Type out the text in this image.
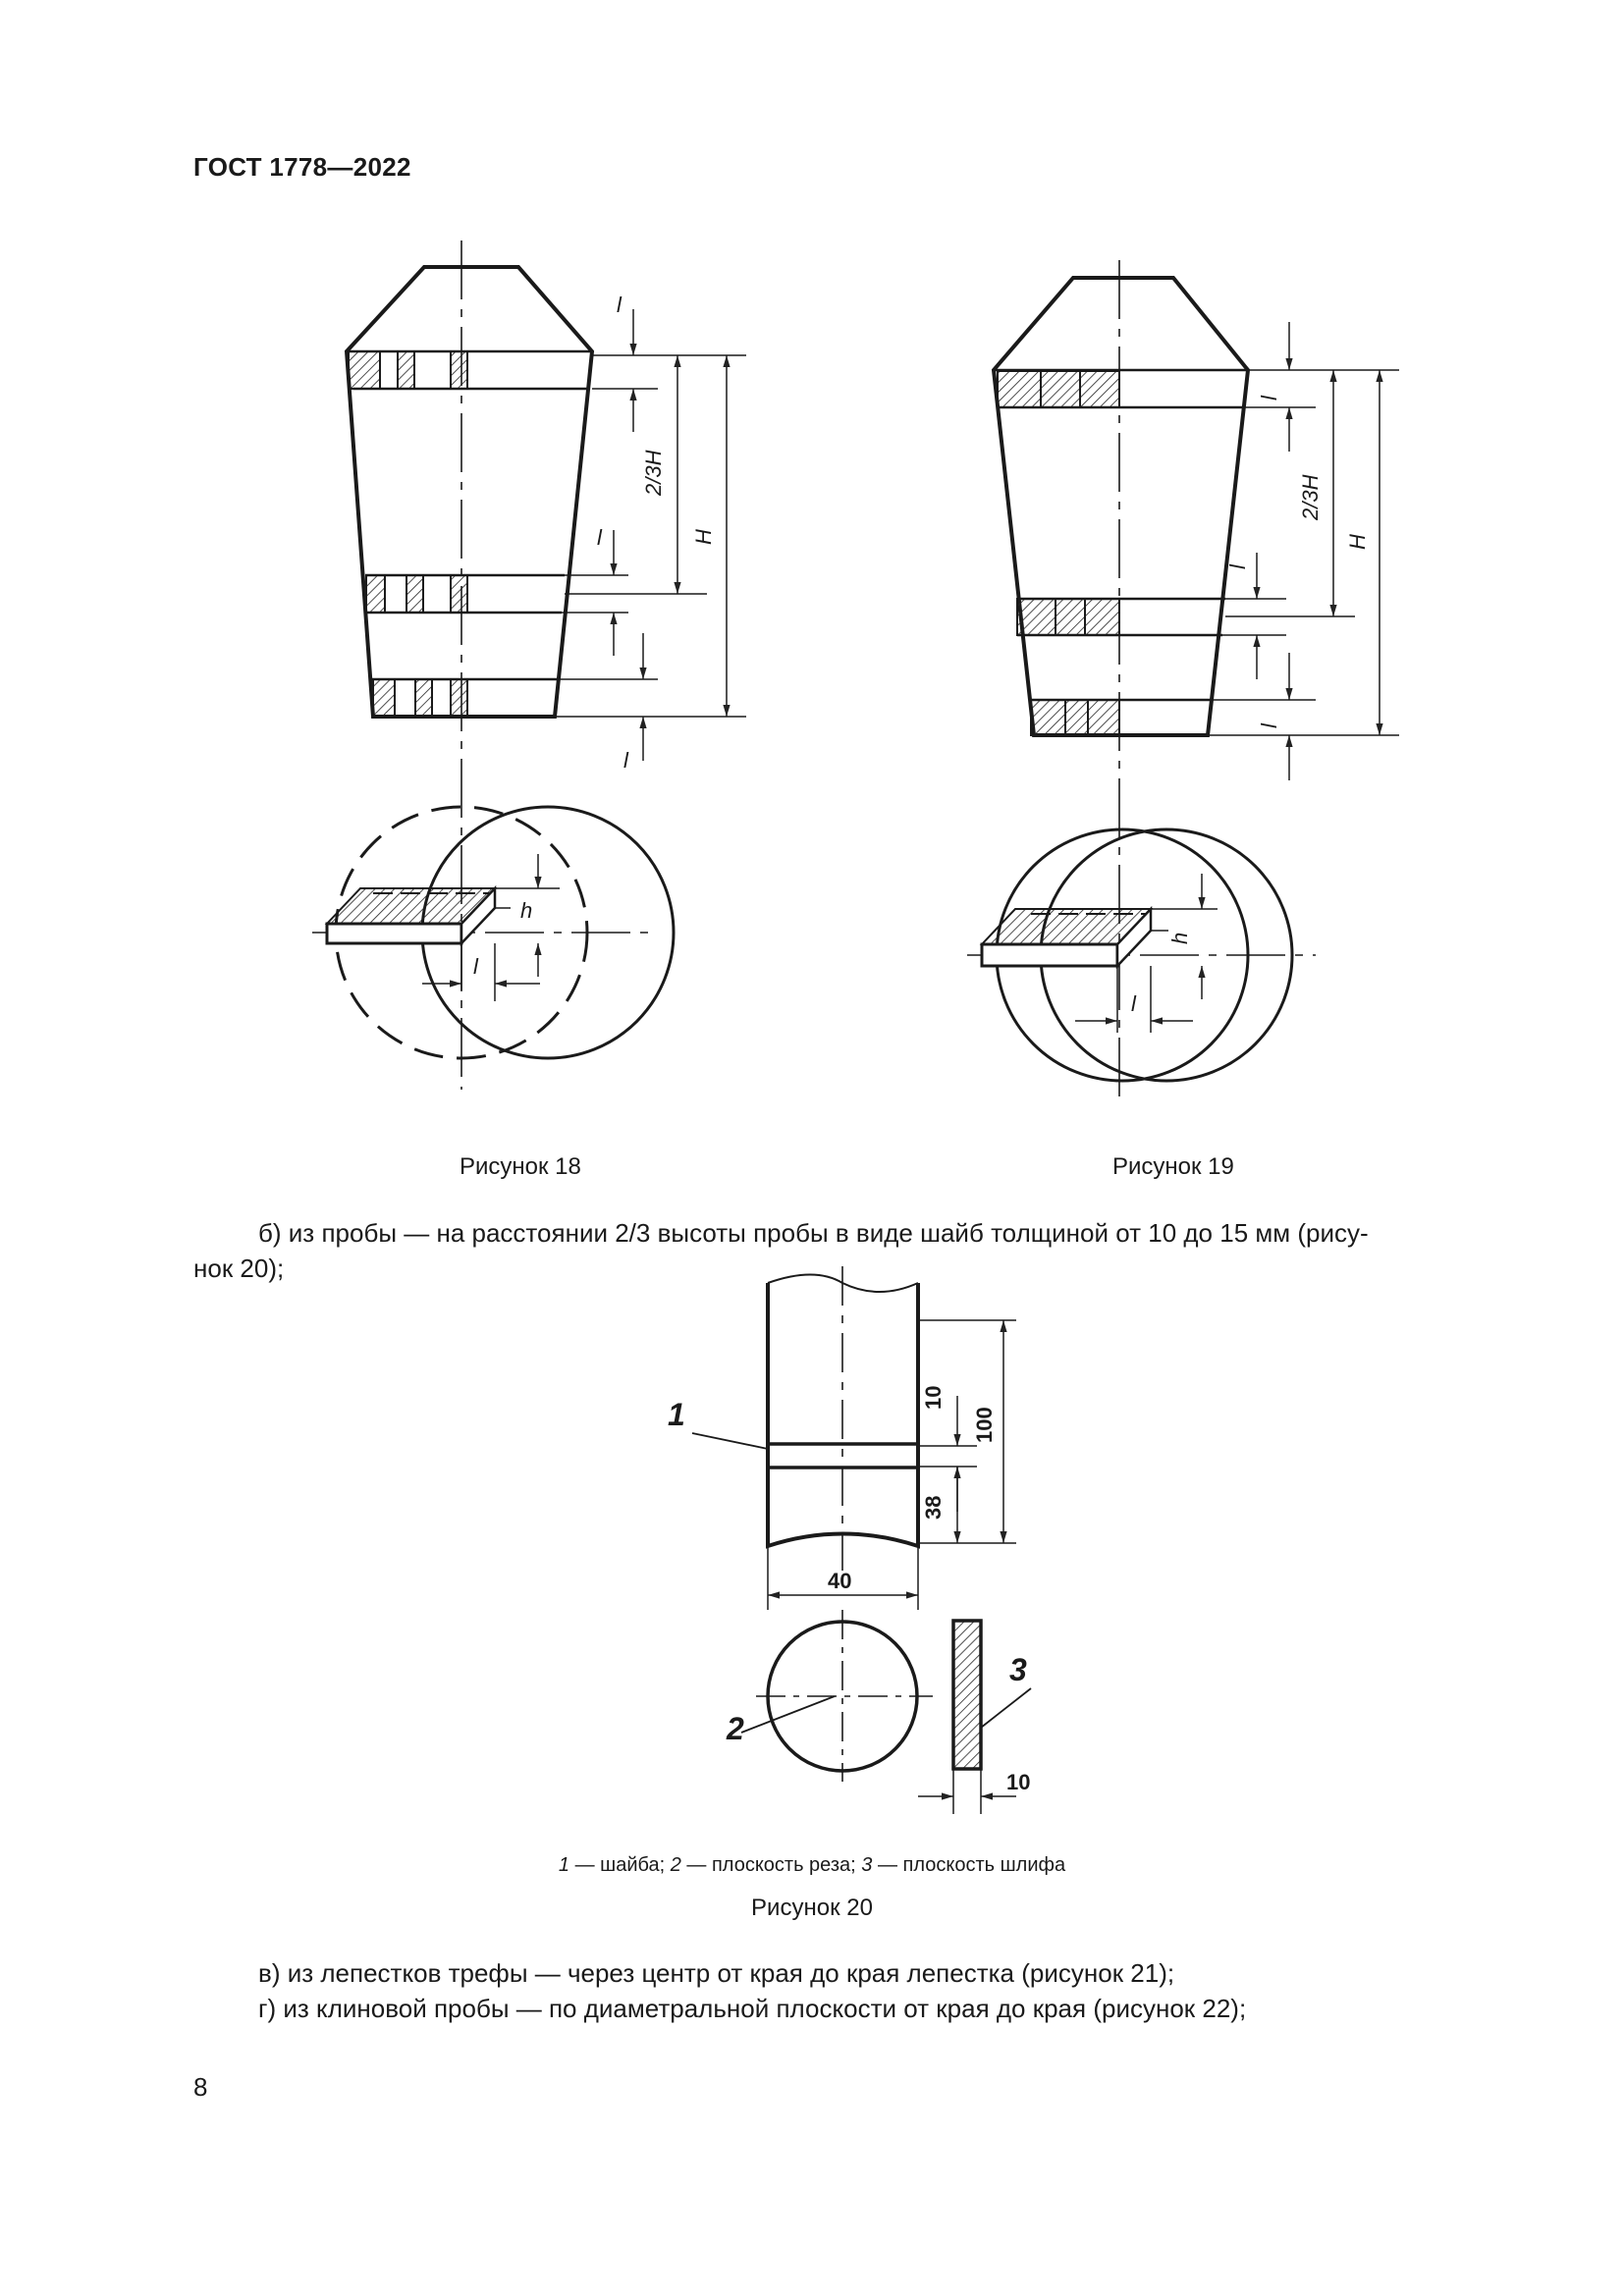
ГОСТ 1778—2022
l
2/3H
H
l
l
h
l
l
2/3H
H
l
l
h
l
10
100
38
40
10
1
2
3
Рисунок 18	Рисунок 19
б) из пробы — на расстоянии 2/3 высоты пробы в виде шайб толщиной от 10 до 15 мм (рису-
нок 20);
1 — шайба; 2 — плоскость реза; 3 — плоскость шлифа
Рисунок 20
в) из лепестков трефы — через центр от края до края лепестка (рисунок 21);
г) из клиновой пробы — по диаметральной плоскости от края до края (рисунок 22);
8
